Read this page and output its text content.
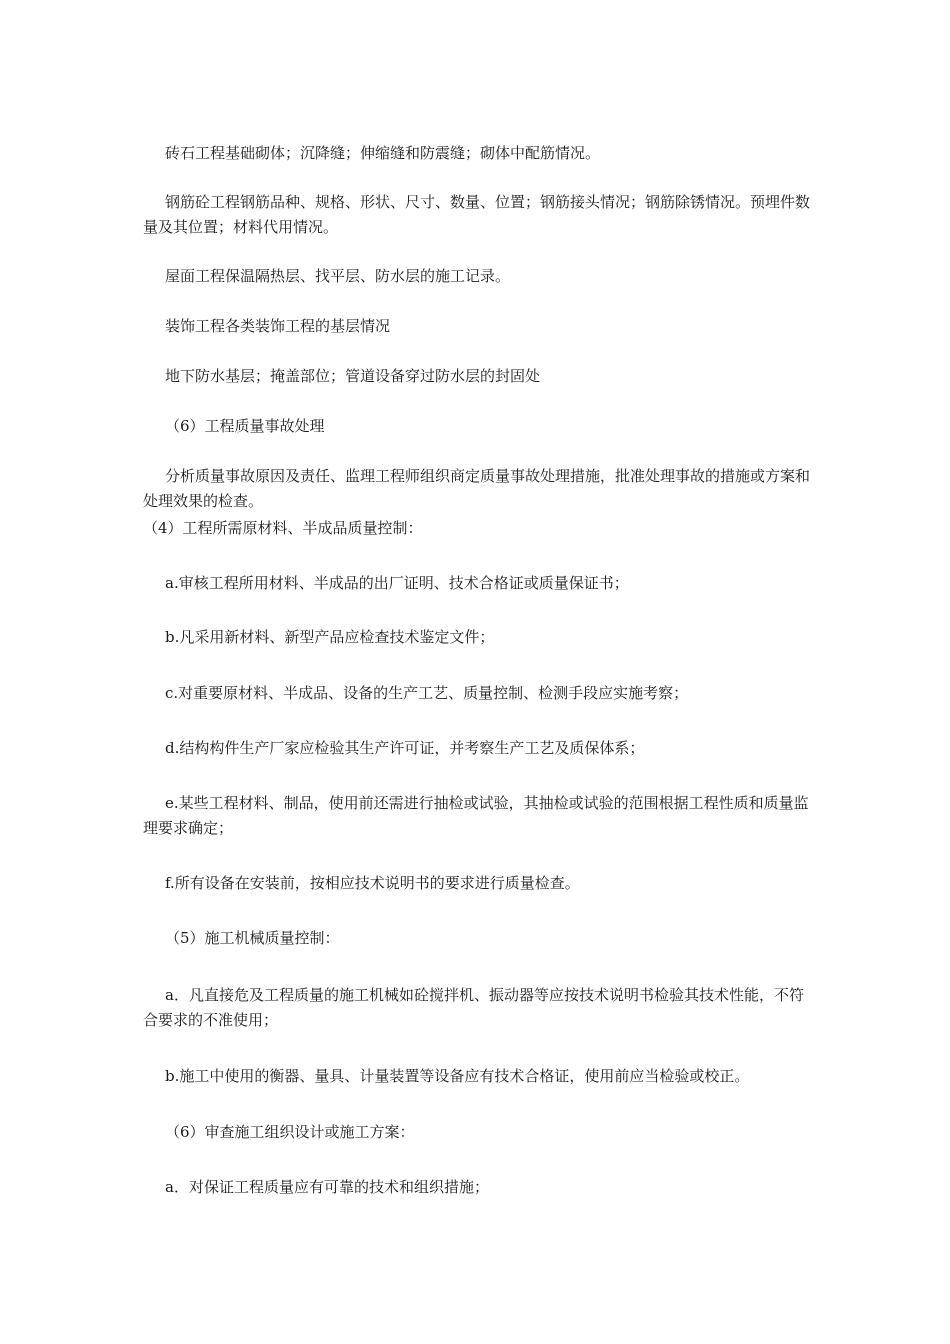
砖石工程基础砌体；沉降缝；伸缩缝和防震缝；砌体中配筋情况。

钢筋砼工程钢筋品种、规格、形状、尺寸、数量、位置；钢筋接头情况；钢筋除锈情况。预埋件数量及其位置；材料代用情况。

屋面工程保温隔热层、找平层、防水层的施工记录。

装饰工程各类装饰工程的基层情况

地下防水基层；掩盖部位；管道设备穿过防水层的封固处

（6）工程质量事故处理

分析质量事故原因及责任、监理工程师组织商定质量事故处理措施，批准处理事故的措施或方案和处理效果的检查。

（4）工程所需原材料、半成品质量控制：

a.审核工程所用材料、半成品的出厂证明、技术合格证或质量保证书；

b.凡采用新材料、新型产品应检查技术鉴定文件；

c.对重要原材料、半成品、设备的生产工艺、质量控制、检测手段应实施考察；

d.结构构件生产厂家应检验其生产许可证，并考察生产工艺及质保体系；

e.某些工程材料、制品，使用前还需进行抽检或试验，其抽检或试验的范围根据工程性质和质量监理要求确定；

f.所有设备在安装前，按相应技术说明书的要求进行质量检查。

（5）施工机械质量控制：

a．凡直接危及工程质量的施工机械如砼搅拌机、振动器等应按技术说明书检验其技术性能，不符合要求的不准使用；

b.施工中使用的衡器、量具、计量装置等设备应有技术合格证，使用前应当检验或校正。

（6）审查施工组织设计或施工方案：

a．对保证工程质量应有可靠的技术和组织措施；
